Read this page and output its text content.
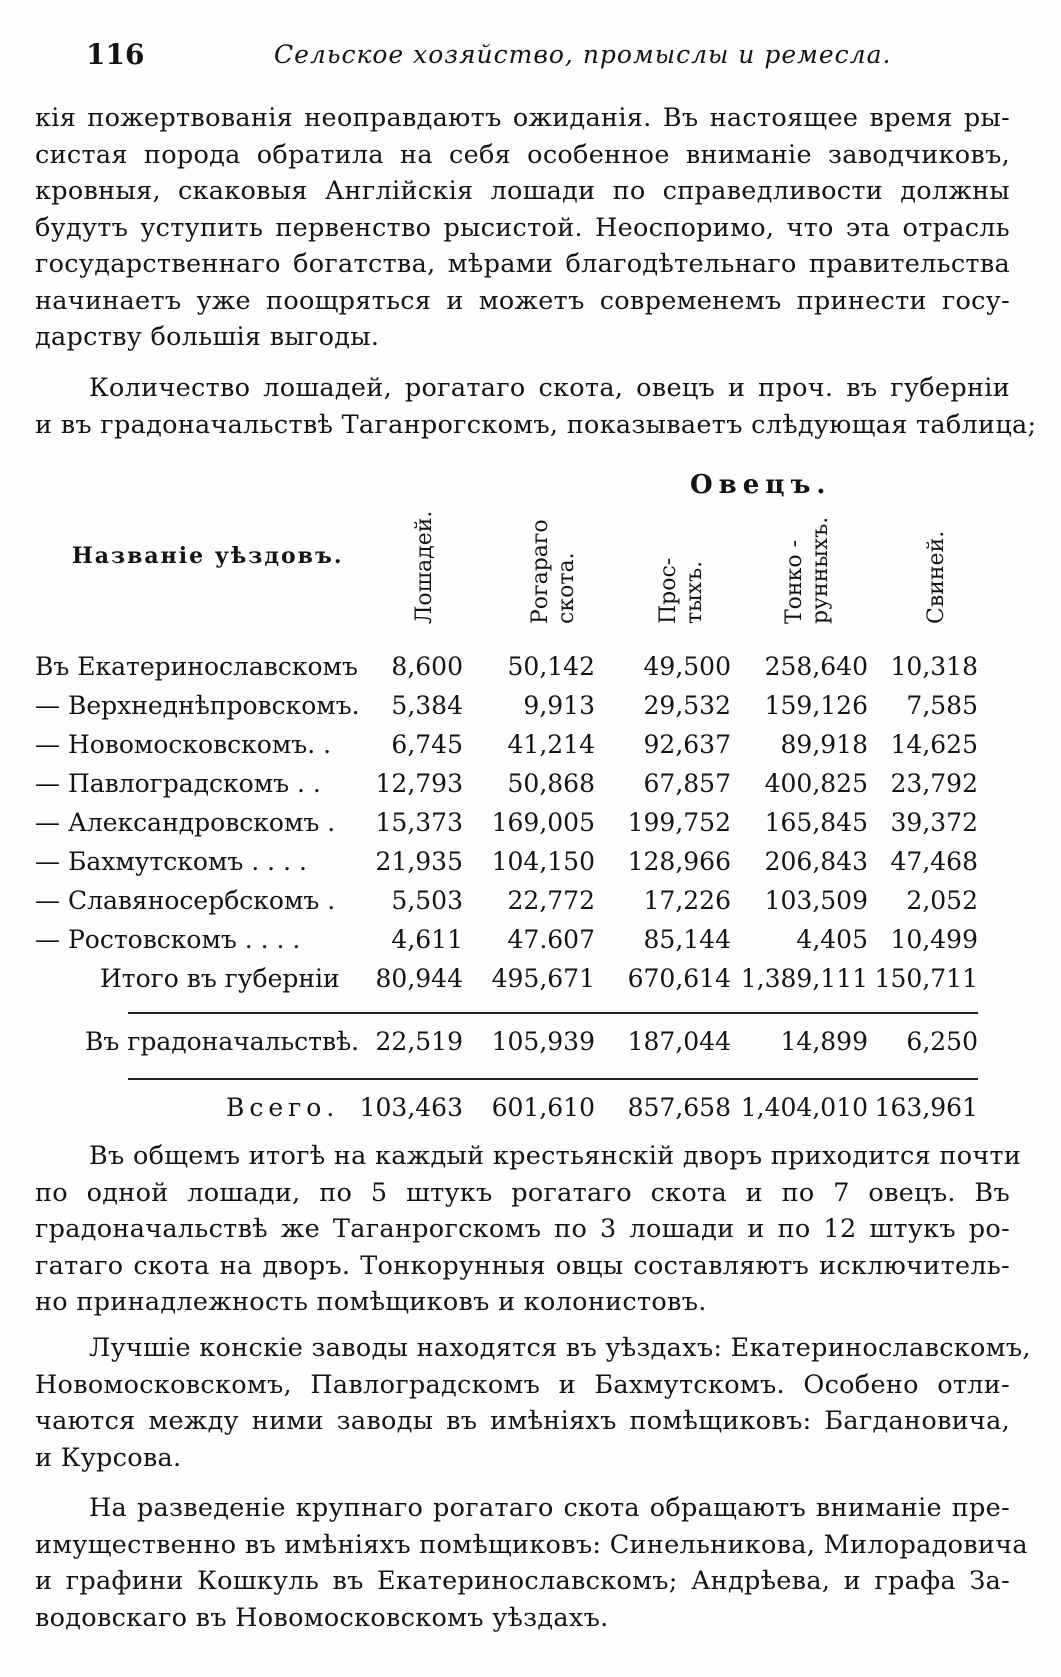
116	Сельское хозяйство, промыслы и ремесла.
кія пожертвованія неоправдаютъ ожиданія. Въ настоящее время ры-
систая порода обратила на себя особенное вниманіе заводчиковъ,
кровныя, скаковыя Англійскія лошади по справедливости должны
будутъ уступить первенство рысистой. Неоспоримо, что эта отрасль
государственнаго богатства, мѣрами благодѣтельнаго правительства
начинаетъ уже поощряться и можетъ современемъ принести госу-
дарству большія выгоды.
Количество лошадей, рогатаго скота, овецъ и проч. въ губерніи
и въ градоначальствѣ Таганрогскомъ, показываетъ слѣдующая таблица;
Овецъ.
Названіе уѣздовъ.	Лошадей.	Рогараго скота.	Прос- тыхъ.	Тонко - рунныхъ.	Свиней.
Въ Екатеринославскомъ 8,600 50,142 49,500 258,640 10,318
— Верхнеднѣпровскомъ. 5,384 9,913 29,532 159,126 7,585
— Новомосковскомъ. . 6,745 41,214 92,637 89,918 14,625
— Павлоградскомъ . . 12,793 50,868 67,857 400,825 23,792
— Александровскомъ . 15,373 169,005 199,752 165,845 39,372
— Бахмутскомъ . . . .	21,935 104,150 128,966 206,843 47,468
— Славяносербскомъ . 5,503 22,772 17,226 103,509 2,052
— Ростовскомъ . . . .	4,611 47.607 85,144	4,405 10,499
Итого въ губерніи 80,944 495,671 670,614 1,389,111 150,711
Въ градоначальствѣ. 22,519 105,939 187,044 14,899 6,250
Всего. 103,463 601,610 857,658 1,404,010 163,961
Въ общемъ итогѣ на каждый крестьянскій дворъ приходится почти
по одной лошади, по 5 штукъ рогатаго скота и по 7 овецъ. Въ
градоначальствѣ же Таганрогскомъ по 3 лошади и по 12 штукъ ро-
гатаго скота на дворъ. Тонкорунныя овцы составляютъ исключитель-
но принадлежность помѣщиковъ и колонистовъ.
Лучшіе конскіе заводы находятся въ уѣздахъ: Екатеринославскомъ,
Новомосковскомъ, Павлоградскомъ и Бахмутскомъ. Особено отли-
чаются между ними заводы въ имѣніяхъ помѣщиковъ: Багдановича,
и Курсова.
На разведеніе крупнаго рогатаго скота обращаютъ вниманіе пре-
имущественно въ имѣніяхъ помѣщиковъ: Синельникова, Милорадовича
и графини Кошкуль въ Екатеринославскомъ; Андрѣева, и графа За-
водовскаго въ Новомосковскомъ уѣздахъ.
